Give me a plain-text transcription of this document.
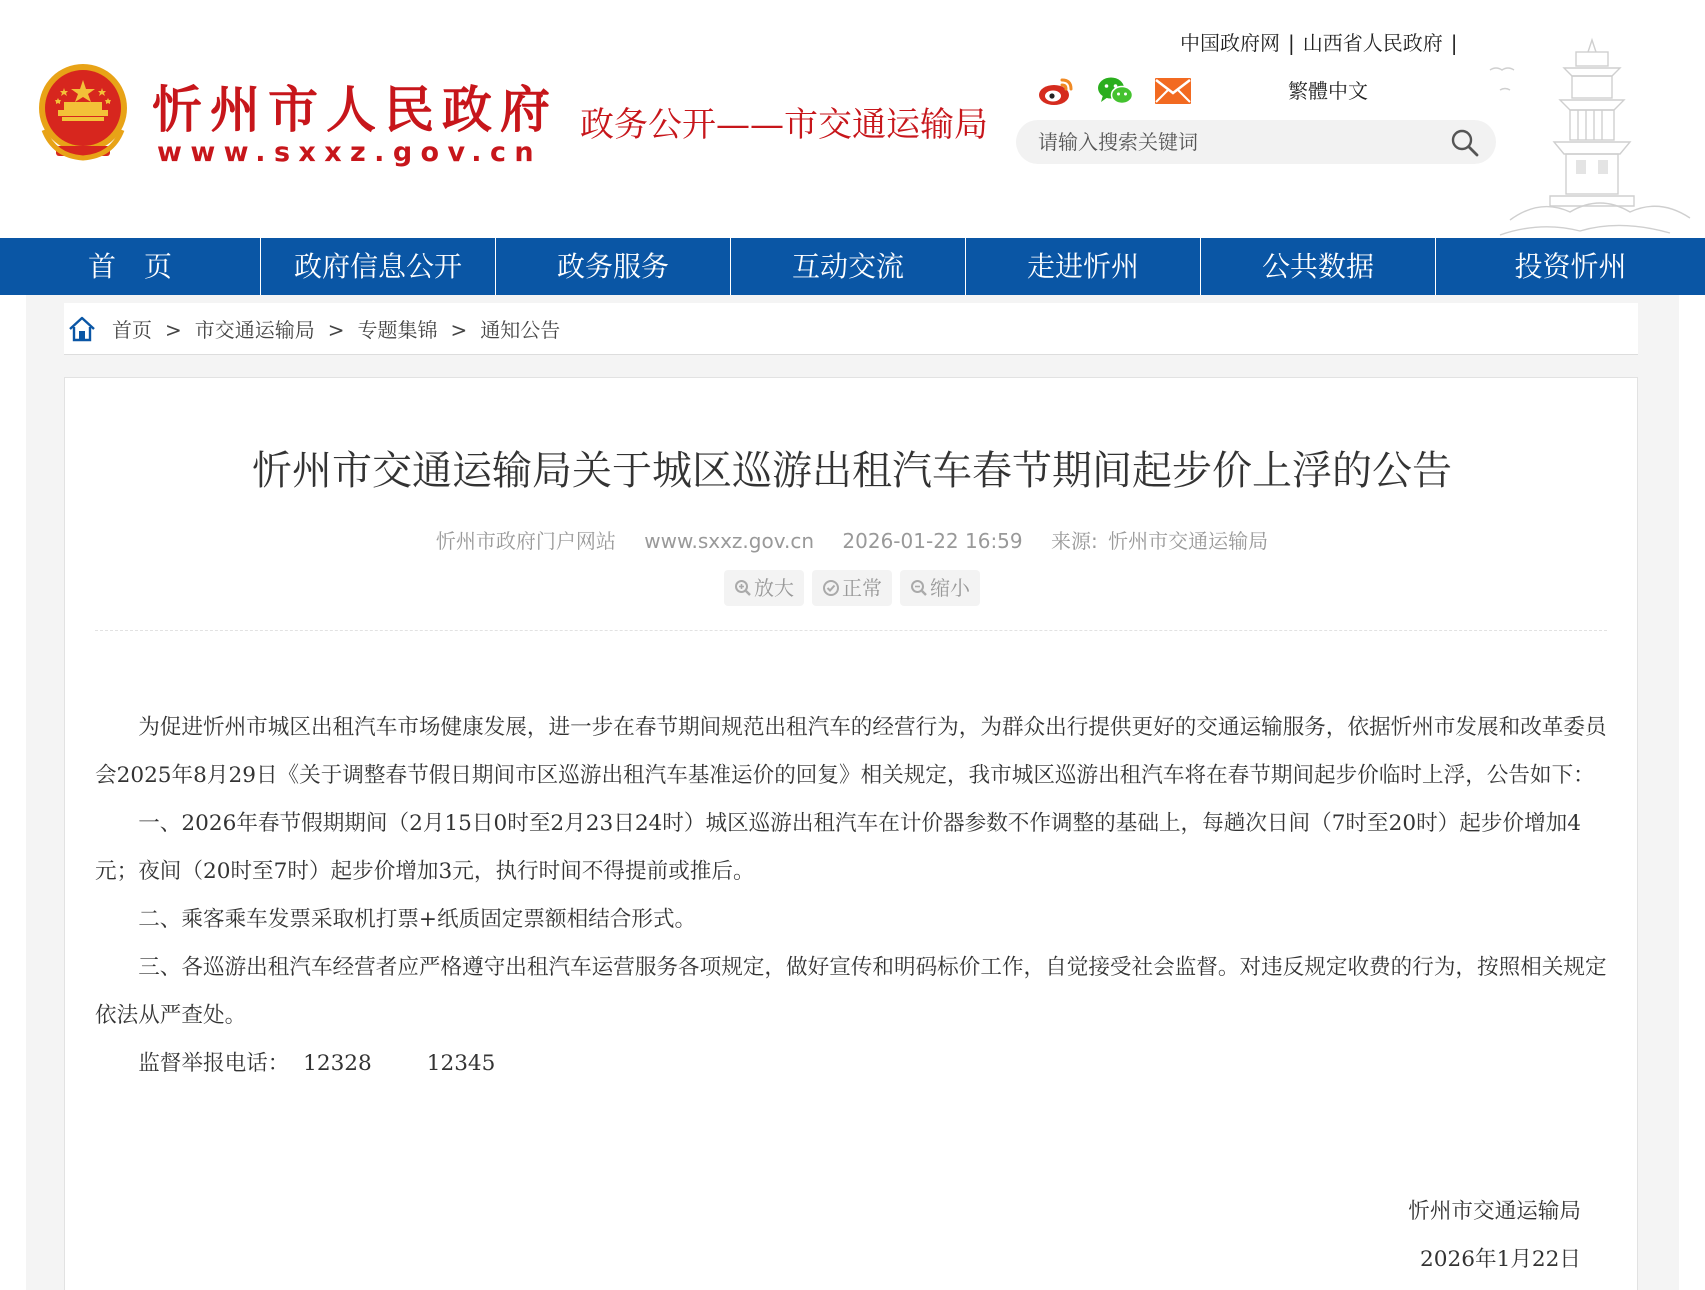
忻州市人民政府
www.sxxz.gov.cn
政务公开——市交通运输局
中国政府网 | 山西省人民政府 |
繁體中文
请输入搜索关键词
首　页	政府信息公开	政务服务	互动交流	走进忻州	公共数据	投资忻州
首页 > 市交通运输局 > 专题集锦 > 通知公告
忻州市交通运输局关于城区巡游出租汽车春节期间起步价上浮的公告
忻州市政府门户网站 www.sxxz.gov.cn 2026-01-22 16:59 来源: 忻州市交通运输局
放大 正常 缩小

为促进忻州市城区出租汽车市场健康发展，进一步在春节期间规范出租汽车的经营行为，为群众出行提供更好的交通运输服务，依据忻州市发展和改革委员会2025年8月29日《关于调整春节假日期间市区巡游出租汽车基准运价的回复》相关规定，我市城区巡游出租汽车将在春节期间起步价临时上浮，公告如下：

一、2026年春节假期期间（2月15日0时至2月23日24时）城区巡游出租汽车在计价器参数不作调整的基础上，每趟次日间（7时至20时）起步价增加4元；夜间（20时至7时）起步价增加3元，执行时间不得提前或推后。

二、乘客乘车发票采取机打票+纸质固定票额相结合形式。

三、各巡游出租汽车经营者应严格遵守出租汽车运营服务各项规定，做好宣传和明码标价工作，自觉接受社会监督。对违反规定收费的行为，按照相关规定依法从严查处。

监督举报电话： 12328	12345

忻州市交通运输局
2026年1月22日
